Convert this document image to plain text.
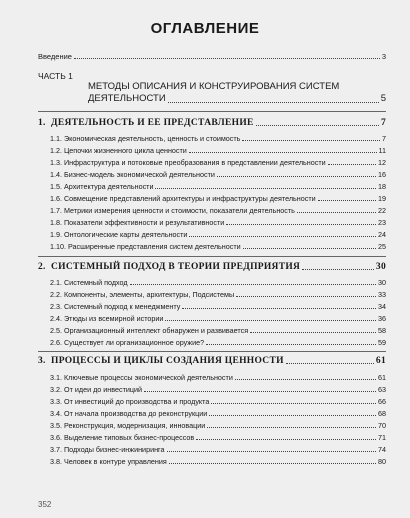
ОГЛАВЛЕНИЕ
Введение	3
ЧАСТЬ 1
МЕТОДЫ ОПИСАНИЯ И КОНСТРУИРОВАНИЯ СИСТЕМ
ДЕЯТЕЛЬНОСТИ	5
1. ДЕЯТЕЛЬНОСТЬ И ЕЕ ПРЕДСТАВЛЕНИЕ	7
1.1. Экономическая деятельность, ценность и стоимость	7
1.2. Цепочки жизненного цикла ценности	11
1.3. Инфраструктура и потоковые преобразования в представлении деятельности	12
1.4. Бизнес-модель экономической деятельности	16
1.5. Архитектура деятельности	18
1.6. Совмещение представлений архитектуры и инфраструктуры деятельности	19
1.7. Метрики измерения ценности и стоимости, показатели деятельность	22
1.8. Показатели эффективности и результативности	23
1.9. Онтологические карты деятельности	24
1.10. Расширенные представления систем деятельности	25
2. СИСТЕМНЫЙ ПОДХОД В ТЕОРИИ ПРЕДПРИЯТИЯ	30
2.1. Системный подход	30
2.2. Компоненты, элементы, архитектуры, Подсистемы	33
2.3. Системный подход к менеджменту	34
2.4. Этюды из всемирной истории	36
2.5. Организационный интеллект обнаружен и развивается	58
2.6. Существует ли организационное оружие?	59
3. ПРОЦЕССЫ И ЦИКЛЫ СОЗДАНИЯ ЦЕННОСТИ	61
3.1. Ключевые процессы экономической деятельности	61
3.2. От идеи до инвестиций	63
3.3. От инвестиций до производства и продукта	66
3.4. От начала производства до реконструкции	68
3.5. Реконструкция, модернизация, инновации	70
3.6. Выделение типовых бизнес-процессов	71
3.7. Подходы бизнес-инжиниринга	74
3.8. Человек в контуре управления	80
352
